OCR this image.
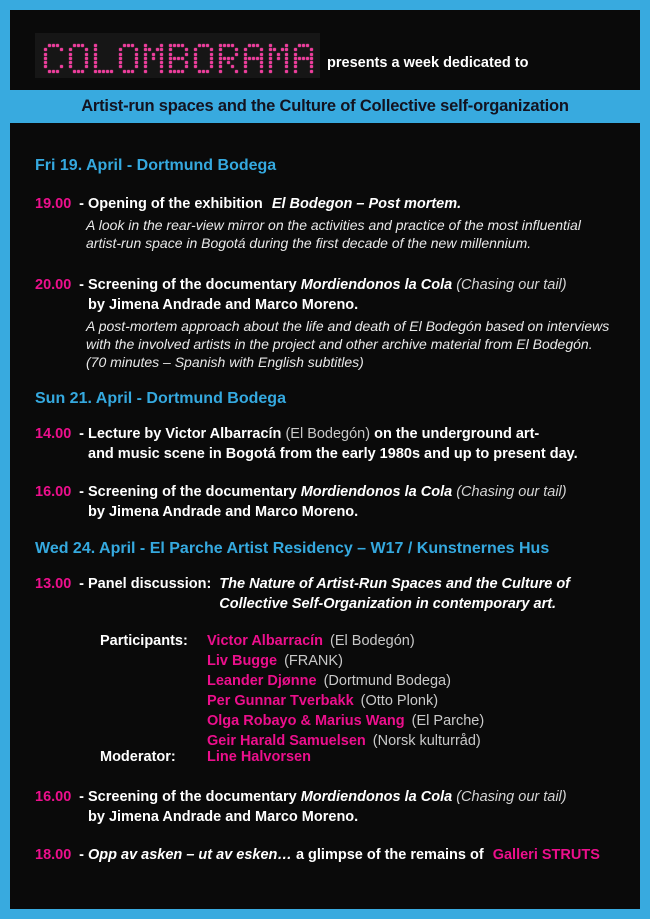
presents a week dedicated to
Artist-run spaces and the Culture of Collective self-organization
Fri 19. April - Dortmund Bodega
19.00 - Opening of the exhibition El Bodegon – Post mortem.
A look in the rear-view mirror on the activities and practice of the most influential
artist-run space in Bogotá during the first decade of the new millennium.
20.00 - Screening of the documentary Mordiendonos la Cola (Chasing our tail)
by Jimena Andrade and Marco Moreno.
A post-mortem approach about the life and death of El Bodegón based on interviews
with the involved artists in the project and other archive material from El Bodegón.
(70 minutes – Spanish with English subtitles)
Sun 21. April - Dortmund Bodega
14.00 - Lecture by Victor Albarracín (El Bodegón) on the underground art-
and music scene in Bogotá from the early 1980s and up to present day.
16.00 - Screening of the documentary Mordiendonos la Cola (Chasing our tail)
by Jimena Andrade and Marco Moreno.
Wed 24. April - El Parche Artist Residency – W17 / Kunstnernes Hus
13.00 - Panel discussion: The Nature of Artist-Run Spaces and the Culture of
Collective Self-Organization in contemporary art.
Participants:	Victor Albarracín (El Bodegón)
Liv Bugge (FRANK)
Leander Djønne (Dortmund Bodega)
Per Gunnar Tverbakk (Otto Plonk)
Olga Robayo & Marius Wang (El Parche)
Geir Harald Samuelsen (Norsk kulturråd)
Moderator:	Line Halvorsen
16.00 - Screening of the documentary Mordiendonos la Cola (Chasing our tail)
by Jimena Andrade and Marco Moreno.
18.00 - Opp av asken – ut av esken… a glimpse of the remains of Galleri STRUTS
